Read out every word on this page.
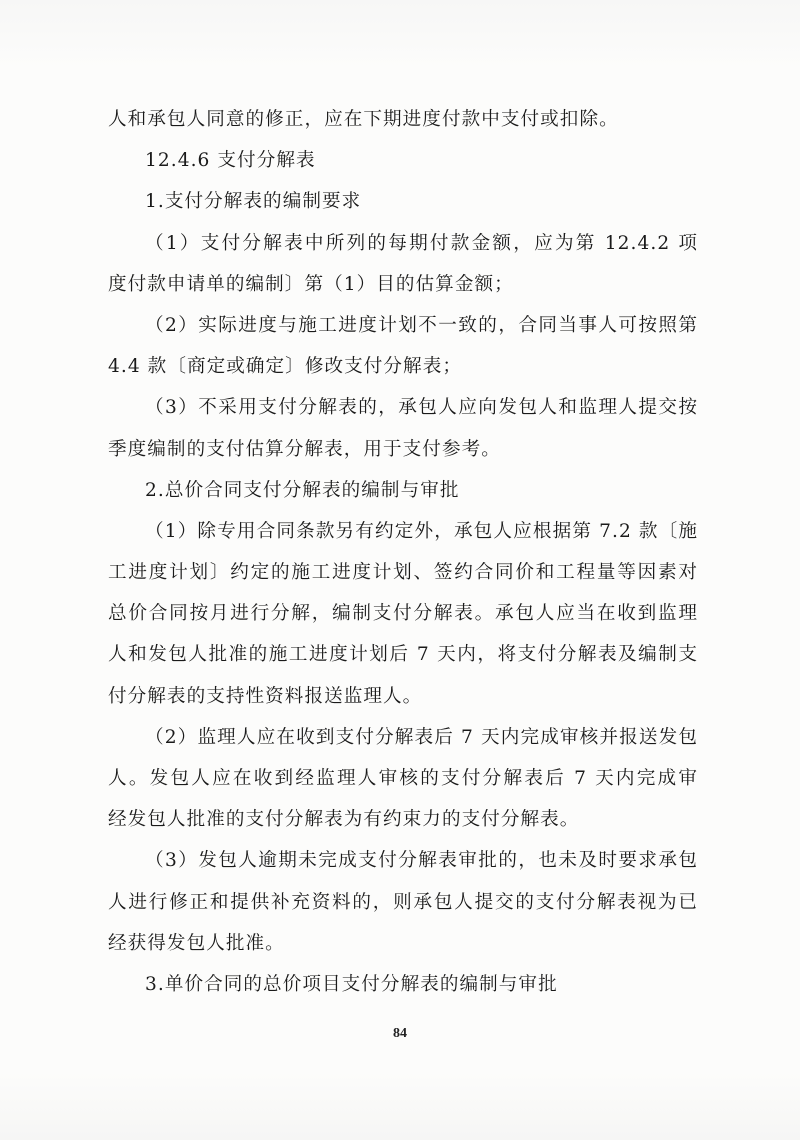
人和承包人同意的修正，应在下期进度付款中支付或扣除。

12.4.6 支付分解表

1.支付分解表的编制要求

（1）支付分解表中所列的每期付款金额，应为第 12.4.2 项

度付款申请单的编制〕第（1）目的估算金额；

（2）实际进度与施工进度计划不一致的，合同当事人可按照第

4.4 款〔商定或确定〕修改支付分解表；

（3）不采用支付分解表的，承包人应向发包人和监理人提交按

季度编制的支付估算分解表，用于支付参考。

2.总价合同支付分解表的编制与审批

（1）除专用合同条款另有约定外，承包人应根据第 7.2 款〔施

工进度计划〕约定的施工进度计划、签约合同价和工程量等因素对

总价合同按月进行分解，编制支付分解表。承包人应当在收到监理

人和发包人批准的施工进度计划后 7 天内，将支付分解表及编制支

付分解表的支持性资料报送监理人。

（2）监理人应在收到支付分解表后 7 天内完成审核并报送发包

人。发包人应在收到经监理人审核的支付分解表后 7 天内完成审

经发包人批准的支付分解表为有约束力的支付分解表。

（3）发包人逾期未完成支付分解表审批的，也未及时要求承包

人进行修正和提供补充资料的，则承包人提交的支付分解表视为已

经获得发包人批准。

3.单价合同的总价项目支付分解表的编制与审批

84
